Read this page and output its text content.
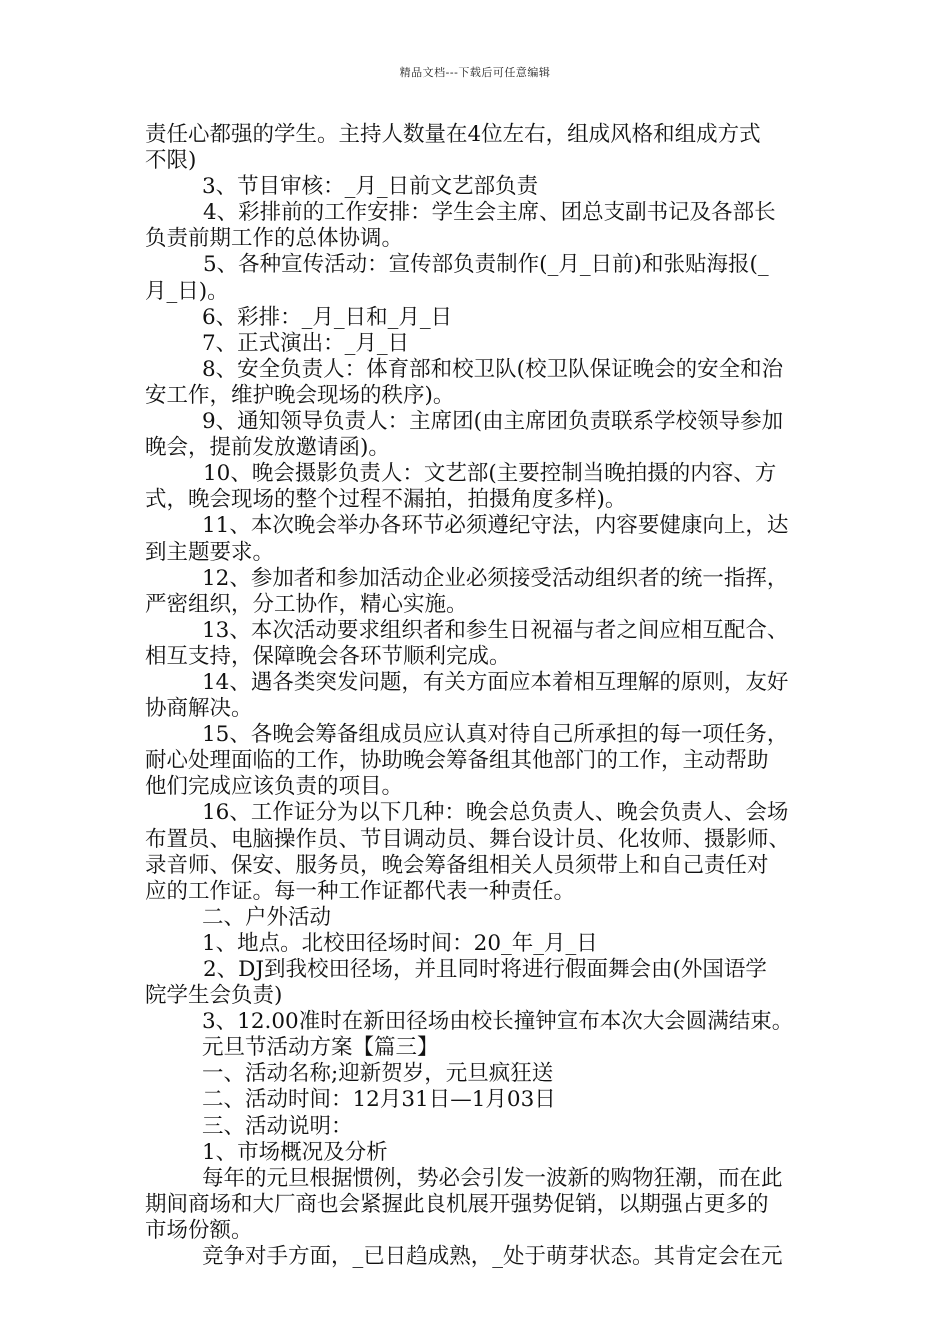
精品文档---下载后可任意编辑
责任心都强的学生。主持人数量在4位左右，组成风格和组成方式
不限)
3、节目审核：_月_日前文艺部负责
4、彩排前的工作安排：学生会主席、团总支副书记及各部长
负责前期工作的总体协调。
5、各种宣传活动：宣传部负责制作(_月_日前)和张贴海报(_
月_日)。
6、彩排：_月_日和_月_日
7、正式演出：_月_日
8、安全负责人：体育部和校卫队(校卫队保证晚会的安全和治
安工作，维护晚会现场的秩序)。
9、通知领导负责人：主席团(由主席团负责联系学校领导参加
晚会，提前发放邀请函)。
10、晚会摄影负责人：文艺部(主要控制当晚拍摄的内容、方
式，晚会现场的整个过程不漏拍，拍摄角度多样)。
11、本次晚会举办各环节必须遵纪守法，内容要健康向上，达
到主题要求。
12、参加者和参加活动企业必须接受活动组织者的统一指挥，
严密组织，分工协作，精心实施。
13、本次活动要求组织者和参生日祝福与者之间应相互配合、
相互支持，保障晚会各环节顺利完成。
14、遇各类突发问题，有关方面应本着相互理解的原则，友好
协商解决。
15、各晚会筹备组成员应认真对待自己所承担的每一项任务，
耐心处理面临的工作，协助晚会筹备组其他部门的工作，主动帮助
他们完成应该负责的项目。
16、工作证分为以下几种：晚会总负责人、晚会负责人、会场
布置员、电脑操作员、节目调动员、舞台设计员、化妆师、摄影师、
录音师、保安、服务员，晚会筹备组相关人员须带上和自己责任对
应的工作证。每一种工作证都代表一种责任。
二、户外活动
1、地点。北校田径场时间：20_年_月_日
2、DJ到我校田径场，并且同时将进行假面舞会由(外国语学
院学生会负责)
3、12.00准时在新田径场由校长撞钟宣布本次大会圆满结束。
元旦节活动方案【篇三】
一、活动名称;迎新贺岁，元旦疯狂送
二、活动时间：12月31日—1月03日
三、活动说明：
1、市场概况及分析
每年的元旦根据惯例，势必会引发一波新的购物狂潮，而在此
期间商场和大厂商也会紧握此良机展开强势促销，以期强占更多的
市场份额。
竞争对手方面，_已日趋成熟，_处于萌芽状态。其肯定会在元
